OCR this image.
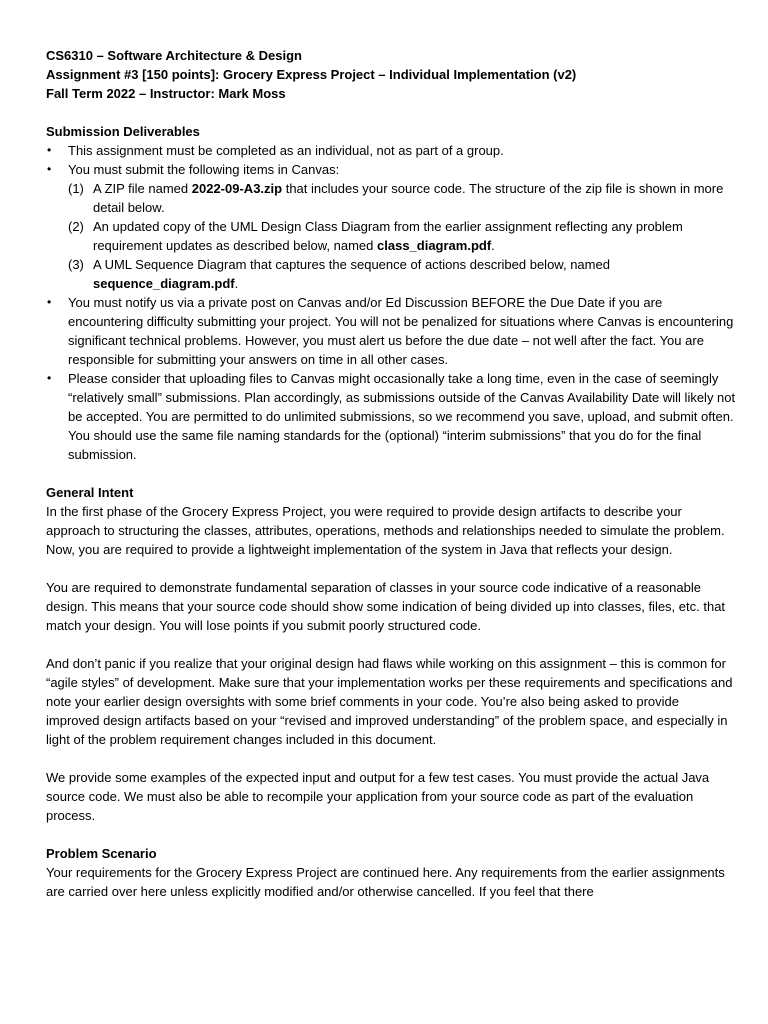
CS6310 – Software Architecture & Design
Assignment #3 [150 points]: Grocery Express Project – Individual Implementation (v2)
Fall Term 2022 – Instructor: Mark Moss
Submission Deliverables
• This assignment must be completed as an individual, not as part of a group.
• You must submit the following items in Canvas:
(1) A ZIP file named 2022-09-A3.zip that includes your source code. The structure of the zip file is shown in more detail below.
(2) An updated copy of the UML Design Class Diagram from the earlier assignment reflecting any problem requirement updates as described below, named class_diagram.pdf.
(3) A UML Sequence Diagram that captures the sequence of actions described below, named sequence_diagram.pdf.
• You must notify us via a private post on Canvas and/or Ed Discussion BEFORE the Due Date if you are encountering difficulty submitting your project. You will not be penalized for situations where Canvas is encountering significant technical problems. However, you must alert us before the due date – not well after the fact. You are responsible for submitting your answers on time in all other cases.
• Please consider that uploading files to Canvas might occasionally take a long time, even in the case of seemingly “relatively small” submissions. Plan accordingly, as submissions outside of the Canvas Availability Date will likely not be accepted. You are permitted to do unlimited submissions, so we recommend you save, upload, and submit often. You should use the same file naming standards for the (optional) “interim submissions” that you do for the final submission.
General Intent

In the first phase of the Grocery Express Project, you were required to provide design artifacts to describe your approach to structuring the classes, attributes, operations, methods and relationships needed to simulate the problem. Now, you are required to provide a lightweight implementation of the system in Java that reflects your design.

You are required to demonstrate fundamental separation of classes in your source code indicative of a reasonable design. This means that your source code should show some indication of being divided up into classes, files, etc. that match your design. You will lose points if you submit poorly structured code.

And don’t panic if you realize that your original design had flaws while working on this assignment – this is common for “agile styles” of development. Make sure that your implementation works per these requirements and specifications and note your earlier design oversights with some brief comments in your code. You’re also being asked to provide improved design artifacts based on your “revised and improved understanding” of the problem space, and especially in light of the problem requirement changes included in this document.

We provide some examples of the expected input and output for a few test cases. You must provide the actual Java source code. We must also be able to recompile your application from your source code as part of the evaluation process.

Problem Scenario

Your requirements for the Grocery Express Project are continued here. Any requirements from the earlier assignments are carried over here unless explicitly modified and/or otherwise cancelled. If you feel that there
